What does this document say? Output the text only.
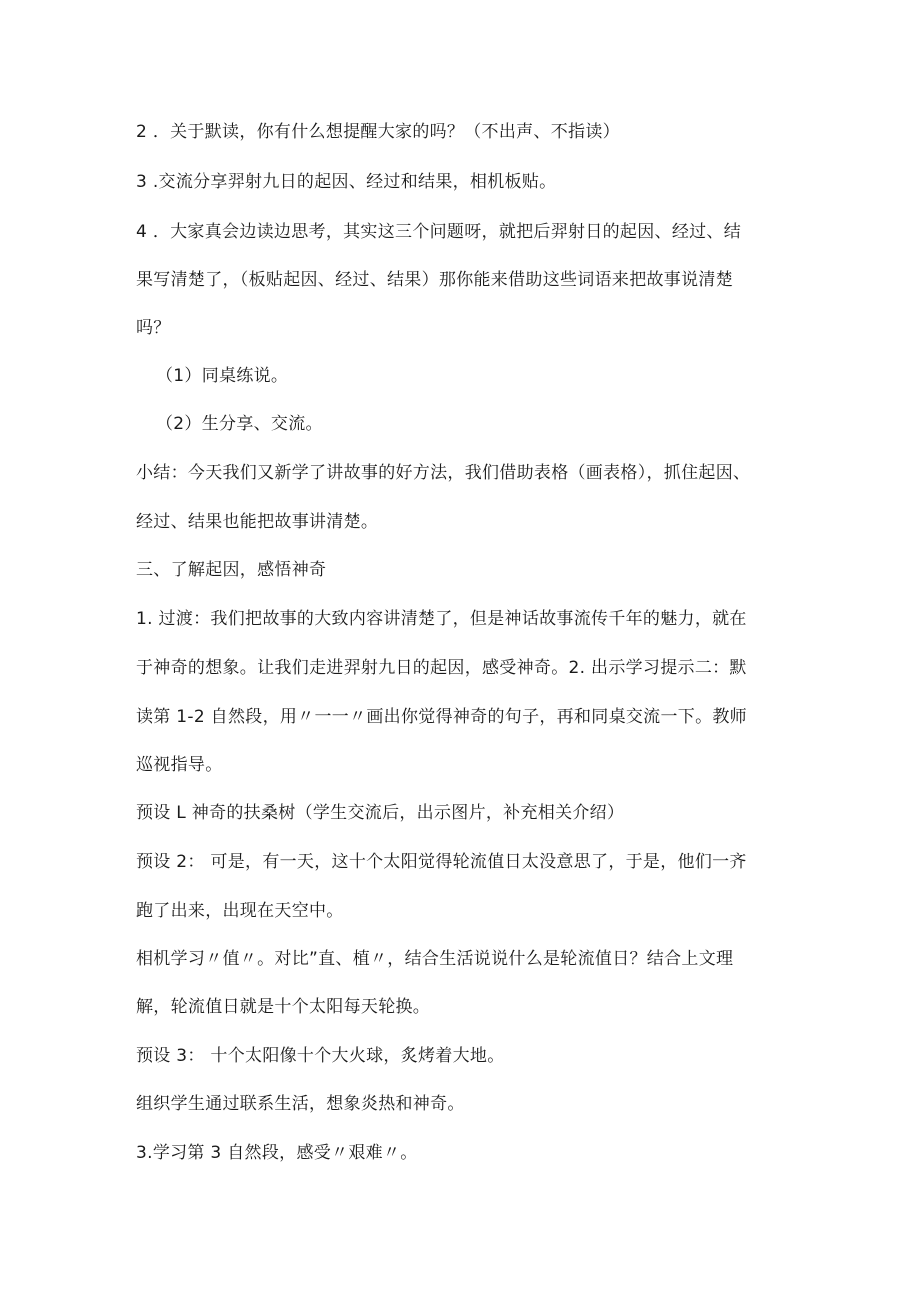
2 ．关于默读，你有什么想提醒大家的吗？（不出声、不指读）
3 .交流分享羿射九日的起因、经过和结果，相机板贴。
4 ．大家真会边读边思考，其实这三个问题呀，就把后羿射日的起因、经过、结
果写清楚了，（板贴起因、经过、结果）那你能来借助这些词语来把故事说清楚
吗？
（1）同桌练说。
（2）生分享、交流。
小结：今天我们又新学了讲故事的好方法，我们借助表格（画表格），抓住起因、
经过、结果也能把故事讲清楚。
三、了解起因，感悟神奇
1. 过渡：我们把故事的大致内容讲清楚了，但是神话故事流传千年的魅力，就在
于神奇的想象。让我们走进羿射九日的起因，感受神奇。2. 出示学习提示二：默
读第 1-2 自然段，用〃一一〃画出你觉得神奇的句子，再和同桌交流一下。教师
巡视指导。
预设 L 神奇的扶桑树（学生交流后，出示图片，补充相关介绍）
预设 2： 可是，有一天，这十个太阳觉得轮流值日太没意思了，于是，他们一齐
跑了出来，出现在天空中。
相机学习〃值〃。对比”直、植〃，结合生活说说什么是轮流值日？结合上文理
解，轮流值日就是十个太阳每天轮换。
预设 3： 十个太阳像十个大火球，炙烤着大地。
组织学生通过联系生活，想象炎热和神奇。
3.学习第 3 自然段，感受〃艰难〃。
